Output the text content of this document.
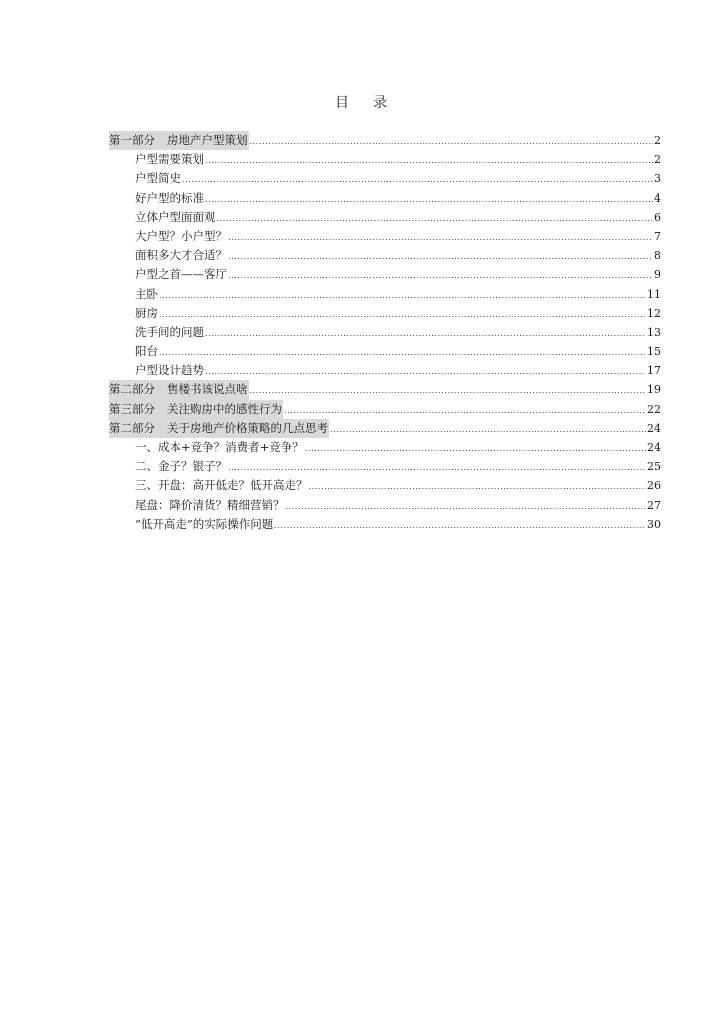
目 录
第一部分 房地产户型策划 .....	2
户型需要策划 .....	2
户型简史 .....	3
好户型的标准 .....	4
立体户型面面观 .....	6
大户型？小户型？ .....	7
面积多大才合适？ .....	8
户型之首——客厅 .....	9
主卧 .....	11
厨房 .....	12
洗手间的问题 .....	13
阳台 .....	15
户型设计趋势 .....	17
第二部分 售楼书该说点啥 .....	19
第三部分 关注购房中的感性行为 .....	22
第二部分 关于房地产价格策略的几点思考 .....	24
一、成本+竞争？消费者+竞争？ .....	24
二、金子？银子？ .....	25
三、开盘：高开低走？低开高走？ .....	26
尾盘：降价清货？精细营销？ .....	27
“低开高走”的实际操作问题 .....	30
